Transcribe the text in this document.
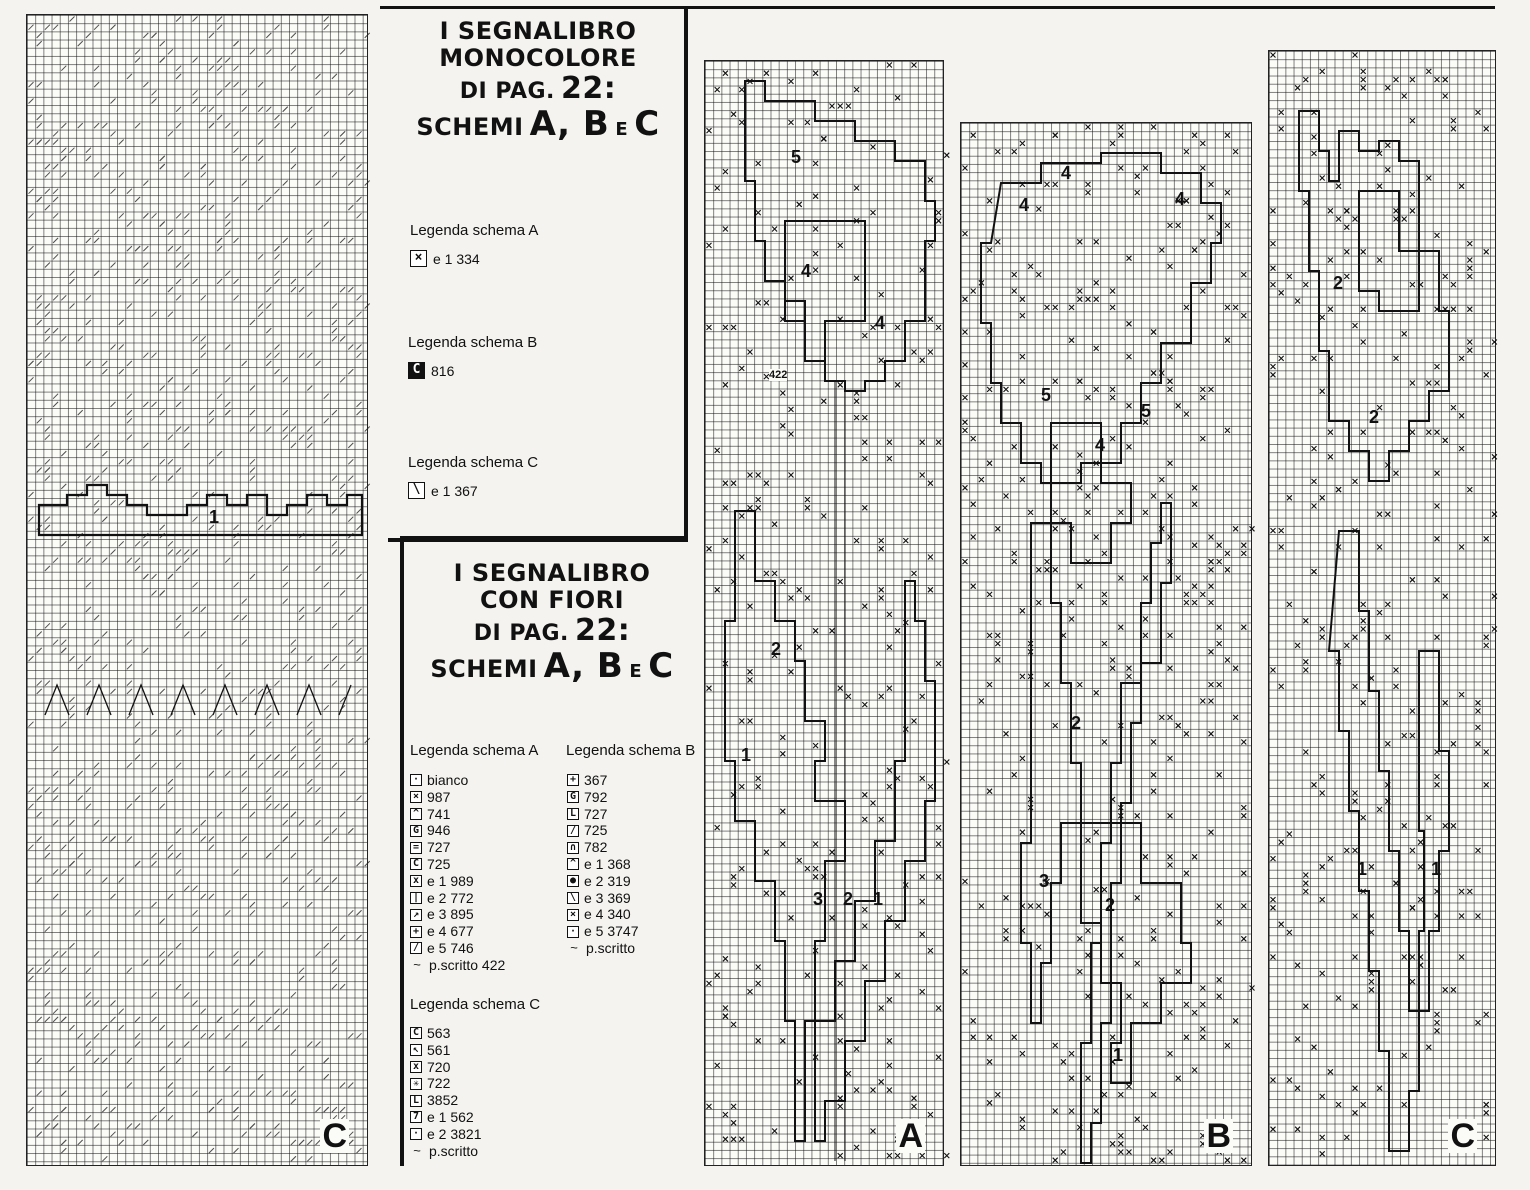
1
C
I SEGNALIBRO
MONOCOLORE
DI PAG. 22:
SCHEMI A, B E C
Legenda schema A
× e 1 334
Legenda schema B
C 816
Legenda schema C
\ e 1 367
I SEGNALIBRO
CON FIORI
DI PAG. 22:
SCHEMI A, B E C
Legenda schema A
· bianco
× 987
^ 741
G 946
= 727
C 725
x e 1 989
| e 2 772
↗ e 3 895
+ e 4 677
/ e 5 746
~ p.scritto 422
Legenda schema B
+ 367
G 792
L 727
/ 725
∩ 782
^ e 1 368
● e 2 319
\ e 3 369
× e 4 340
· e 5 3747
~ p.scritto
Legenda schema C
C 563
↖ 561
x 720
✳ 722
L 3852
7 e 1 562
· e 2 3821
~ p.scritto
422
5
4
4
2
1
3 2 1
A
4
4
4
5
5
4
2
3
2
1
B
2
2
1	1
C
